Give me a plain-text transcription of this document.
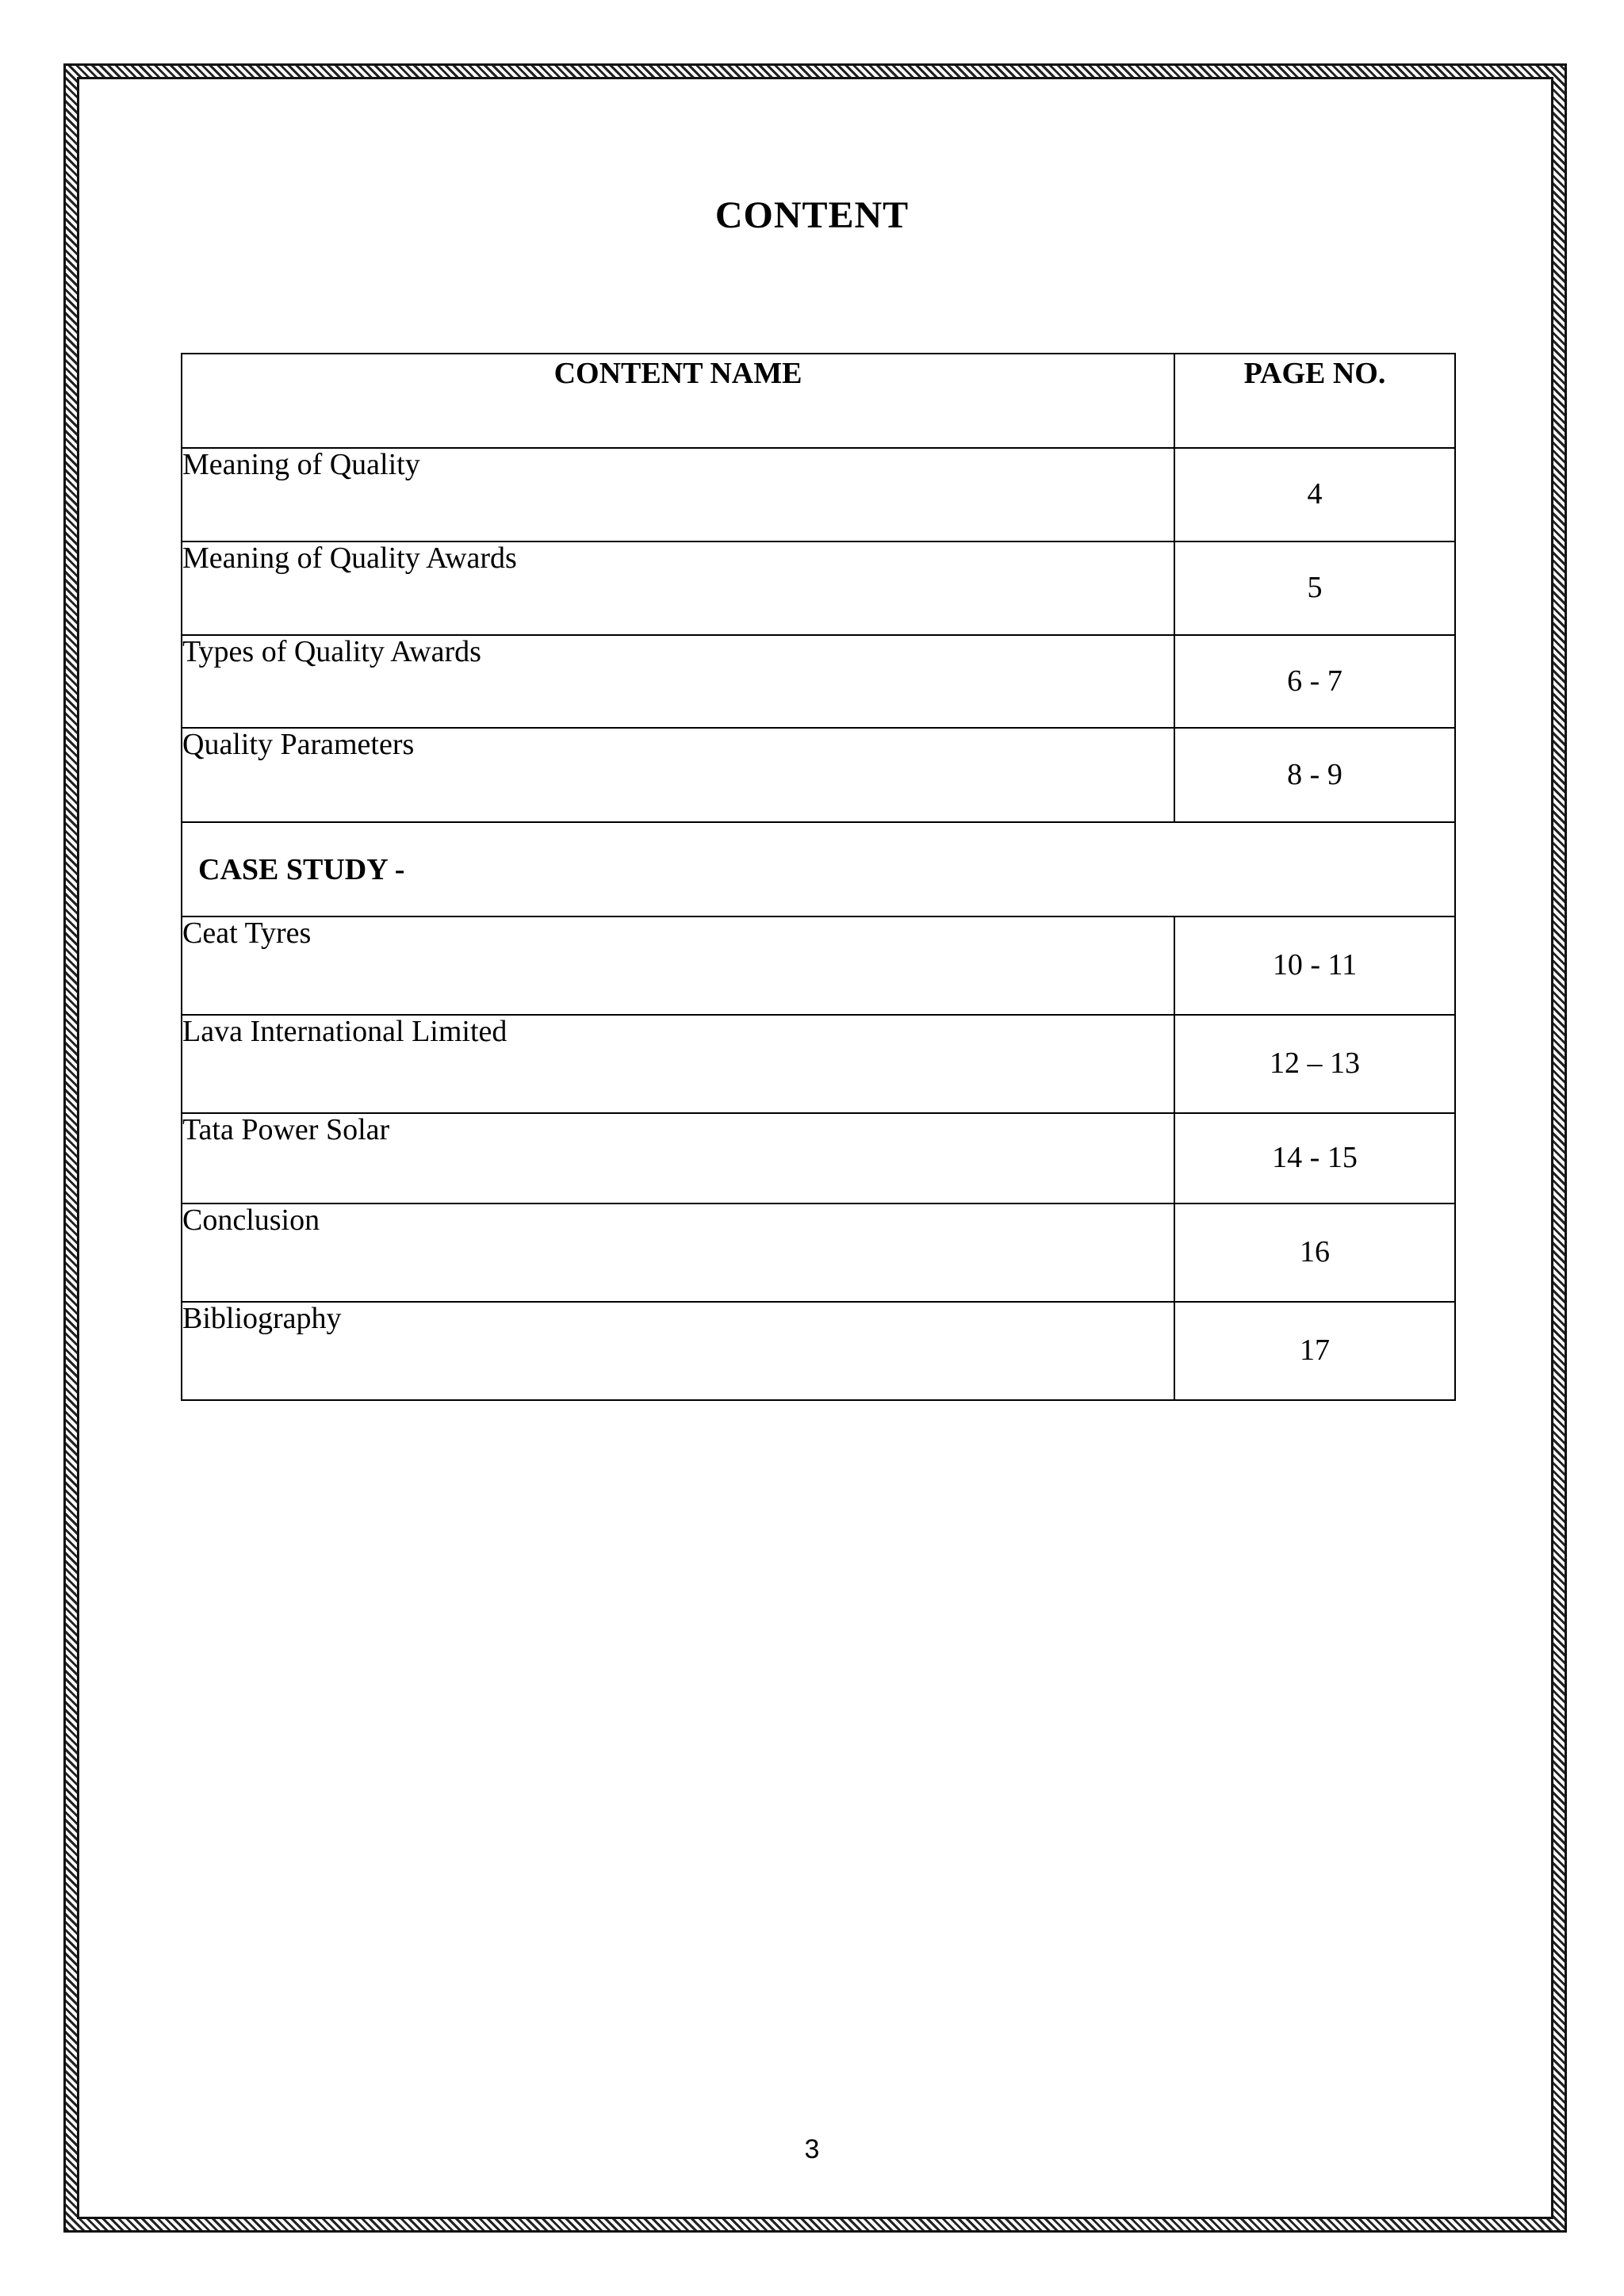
CONTENT
CONTENT NAME	PAGE NO.
Meaning of Quality	4
Meaning of Quality Awards	5
Types of Quality Awards	6 - 7
Quality Parameters	8 - 9
CASE STUDY -	
Ceat Tyres	10 - 11
Lava International Limited	12 – 13
Tata Power Solar	14 - 15
Conclusion	16
Bibliography	17
3
